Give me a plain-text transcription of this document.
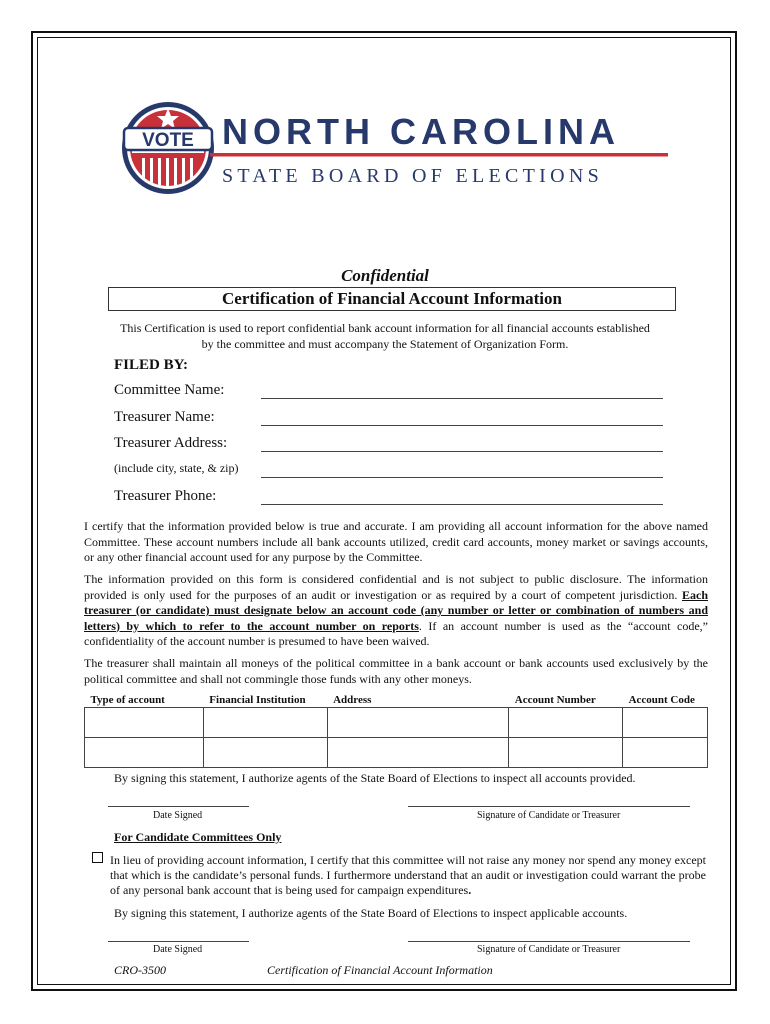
VOTE NORTH CAROLINA
STATE BOARD OF ELECTIONS
Confidential
Certification of Financial Account Information
This Certification is used to report confidential bank account information for all financial accounts established by the committee and must accompany the Statement of Organization Form.
FILED BY:
Committee Name:
Treasurer Name:
Treasurer Address:
(include city, state, & zip)
Treasurer Phone:
I certify that the information provided below is true and accurate. I am providing all account information for the above named Committee. These account numbers include all bank accounts utilized, credit card accounts, money market or savings accounts, or any other financial account used for any purpose by the Committee.
The information provided on this form is considered confidential and is not subject to public disclosure. The information provided is only used for the purposes of an audit or investigation or as required by a court of competent jurisdiction. Each treasurer (or candidate) must designate below an account code (any number or letter or combination of numbers and letters) by which to refer to the account number on reports. If an account number is used as the “account code,” confidentiality of the account number is presumed to have been waived.
The treasurer shall maintain all moneys of the political committee in a bank account or bank accounts used exclusively by the political committee and shall not commingle those funds with any other moneys.
Type of account	Financial Institution	Address	Account Number	Account Code

By signing this statement, I authorize agents of the State Board of Elections to inspect all accounts provided.
Date Signed	Signature of Candidate or Treasurer
For Candidate Committees Only
In lieu of providing account information, I certify that this committee will not raise any money nor spend any money except that which is the candidate’s personal funds. I furthermore understand that an audit or investigation could warrant the probe of any personal bank account that is being used for campaign expenditures.
By signing this statement, I authorize agents of the State Board of Elections to inspect applicable accounts.
Date Signed	Signature of Candidate or Treasurer
CRO-3500	Certification of Financial Account Information
